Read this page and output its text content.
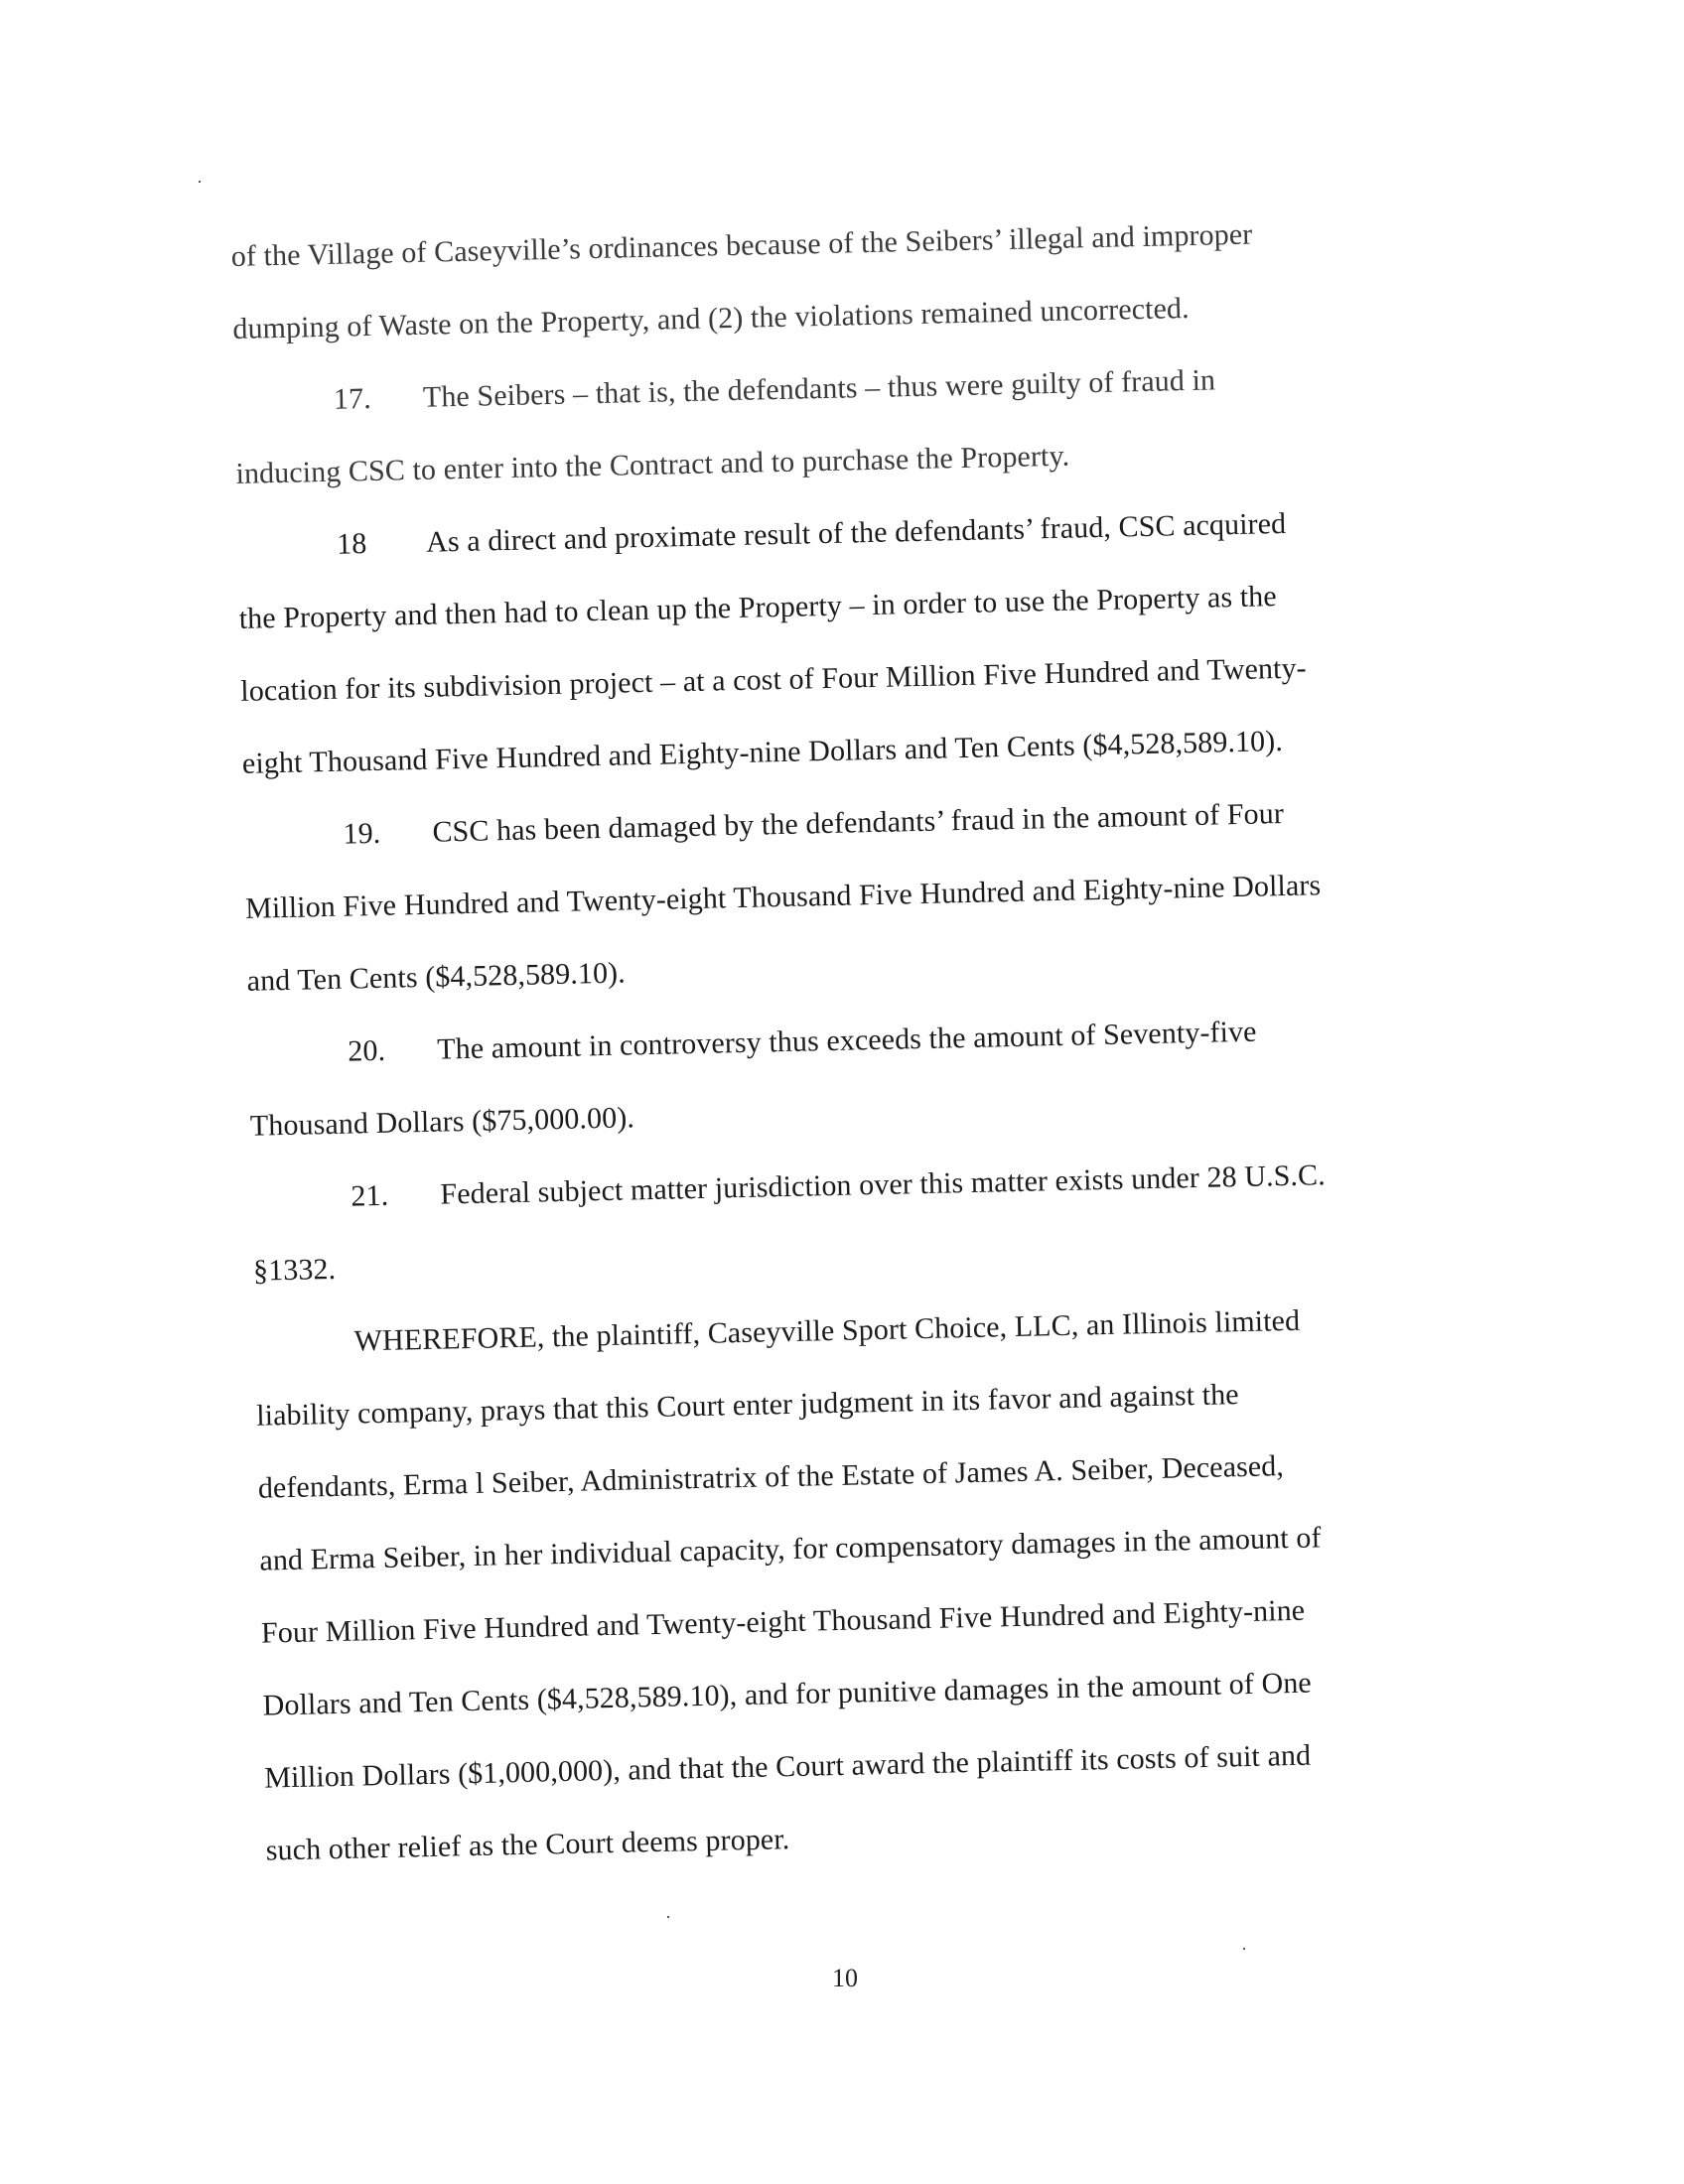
of the Village of Caseyville’s ordinances because of the Seibers’ illegal and improper
dumping of Waste on the Property, and (2) the violations remained uncorrected.

17. The Seibers – that is, the defendants – thus were guilty of fraud in
inducing CSC to enter into the Contract and to purchase the Property.

18 As a direct and proximate result of the defendants’ fraud, CSC acquired
the Property and then had to clean up the Property – in order to use the Property as the
location for its subdivision project – at a cost of Four Million Five Hundred and Twenty-
eight Thousand Five Hundred and Eighty-nine Dollars and Ten Cents ($4,528,589.10).

19. CSC has been damaged by the defendants’ fraud in the amount of Four
Million Five Hundred and Twenty-eight Thousand Five Hundred and Eighty-nine Dollars
and Ten Cents ($4,528,589.10).

20. The amount in controversy thus exceeds the amount of Seventy-five
Thousand Dollars ($75,000.00).

21. Federal subject matter jurisdiction over this matter exists under 28 U.S.C.
§1332.

WHEREFORE, the plaintiff, Caseyville Sport Choice, LLC, an Illinois limited
liability company, prays that this Court enter judgment in its favor and against the
defendants, Erma l Seiber, Administratrix of the Estate of James A. Seiber, Deceased,
and Erma Seiber, in her individual capacity, for compensatory damages in the amount of
Four Million Five Hundred and Twenty-eight Thousand Five Hundred and Eighty-nine
Dollars and Ten Cents ($4,528,589.10), and for punitive damages in the amount of One
Million Dollars ($1,000,000), and that the Court award the plaintiff its costs of suit and
such other relief as the Court deems proper.

10
